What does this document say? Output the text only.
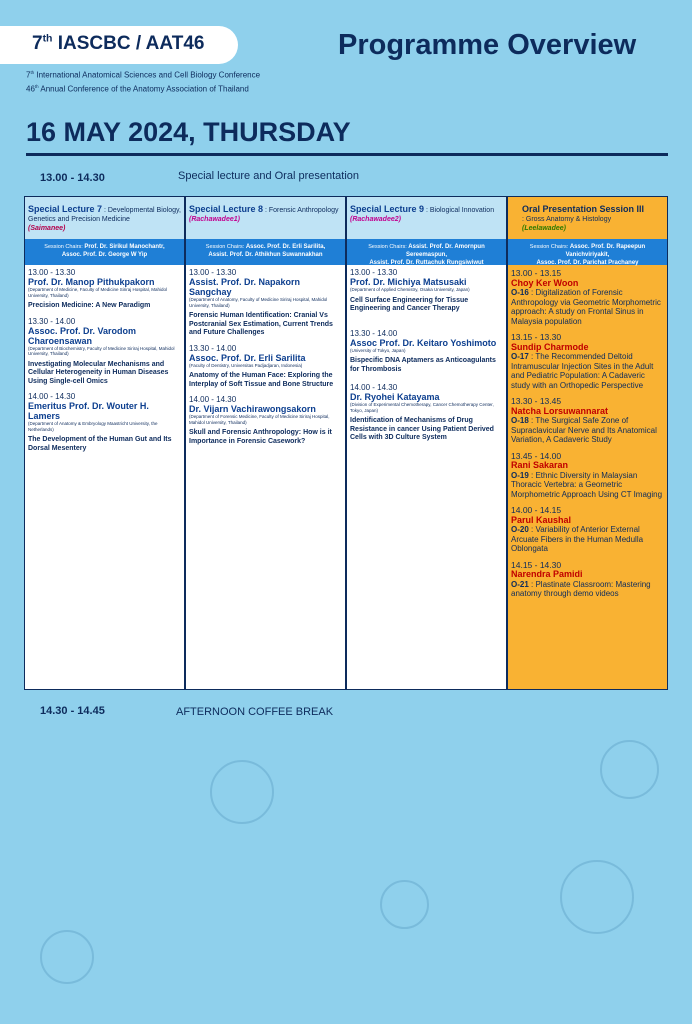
7th IASCBC / AAT46	Programme Overview
7th International Anatomical Sciences and Cell Biology Conference
46th Annual Conference of the Anatomy Association of Thailand
16 MAY 2024, THURSDAY
13.00 - 14.30	Special lecture and Oral presentation
Special Lecture 7 : Developmental Biology, Genetics and Precision Medicine
(Saimanee)
Session Chairs: Prof. Dr. Sirikul Manochantr,
Assoc. Prof. Dr. George W Yip
13.00 - 13.30
Prof. Dr. Manop Pithukpakorn
(Department of Medicine, Faculty of Medicine Siriraj Hospital, Mahidol University, Thailand)
Precision Medicine: A New Paradigm
13.30 - 14.00
Assoc. Prof. Dr. Varodom Charoensawan
(Department of Biochemistry, Faculty of Medicine Siriraj Hospital, Mahidol University, Thailand)
Investigating Molecular Mechanisms and Cellular Heterogeneity in Human Diseases Using Single-cell Omics
14.00 - 14.30
Emeritus Prof. Dr. Wouter H. Lamers
(Department of Anatomy & Embryology Maastricht University, the Netherlands)
The Development of the Human Gut and Its Dorsal Mesentery
Special Lecture 8 : Forensic Anthropology
(Rachawadee1)
Session Chairs: Assoc. Prof. Dr. Erli Sarilita,
Assist. Prof. Dr. Athikhun Suwannakhan
13.00 - 13.30
Assist. Prof. Dr. Napakorn Sangchay
(Department of Anatomy, Faculty of Medicine Siriraj Hospital, Mahidol University, Thailand)
Forensic Human Identification: Cranial Vs Postcranial Sex Estimation, Current Trends and Future Challenges
13.30 - 14.00
Assoc. Prof. Dr. Erli Sarilita
(Faculty of Dentistry, Universitas Padjadjaran, Indonesia)
Anatomy of the Human Face: Exploring the Interplay of Soft Tissue and Bone Structure
14.00 - 14.30
Dr. Vijarn Vachirawongsakorn
(Department of Forensic Medicine, Faculty of Medicine Siriraj Hospital, Mahidol University, Thailand)
Skull and Forensic Anthropology: How is it Importance in Forensic Casework?
Special Lecture 9 : Biological Innovation
(Rachawadee2)
Session Chairs: Assist. Prof. Dr. Amornpun Sereemaspun,
Assist. Prof. Dr. Ruttachuk Rungsiwiwut
13.00 - 13.30
Prof. Dr. Michiya Matsusaki
(Department of Applied Chemistry, Osaka University, Japan)
Cell Surface Engineering for Tissue Engineering and Cancer Therapy
13.30 - 14.00
Assoc Prof. Dr. Keitaro Yoshimoto
(University of Tokyo, Japan)
Bispecific DNA Aptamers as Anticoagulants for Thrombosis
14.00 - 14.30
Dr. Ryohei Katayama
(Division of Experimental Chemotherapy, Cancer Chemotherapy Center, Tokyo, Japan)
Identification of Mechanisms of Drug Resistance in cancer Using Patient Derived Cells with 3D Culture System
Oral Presentation Session III
: Gross Anatomy & Histology
(Leelawadee)
Session Chairs: Assoc. Prof. Dr. Rapeepun Vanichviriyakit,
Assoc. Prof. Dr. Parichat Prachaney
13.00 - 13.15
Choy Ker Woon
O-16 : Digitalization of Forensic Anthropology via Geometric Morphometric approach: A study on Frontal Sinus in Malaysia population
13.15 - 13.30
Sundip Charmode
O-17 : The Recommended Deltoid Intramuscular Injection Sites in the Adult and Pediatric Population: A Cadaveric study with an Orthopedic Perspective
13.30 - 13.45
Natcha Lorsuwannarat
O-18 : The Surgical Safe Zone of Supraclavicular Nerve and Its Anatomical Variation, A Cadaveric Study
13.45 - 14.00
Rani Sakaran
O-19 : Ethnic Diversity in Malaysian Thoracic Vertebra: a Geometric Morphometric Approach Using CT Imaging
14.00 - 14.15
Parul Kaushal
O-20 : Variability of Anterior External Arcuate Fibers in the Human Medulla Oblongata
14.15 - 14.30
Narendra Pamidi
O-21 : Plastinate Classroom: Mastering anatomy through demo videos
14.30 - 14.45	AFTERNOON COFFEE BREAK
